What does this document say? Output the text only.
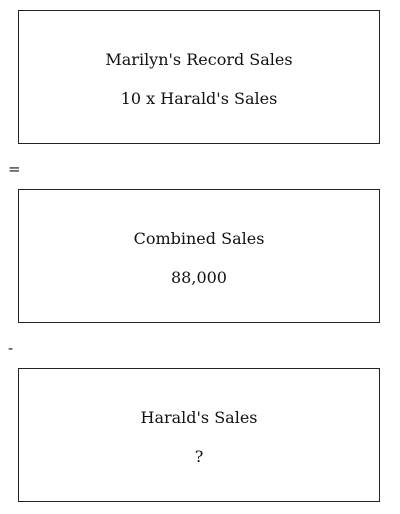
Marilyn's Record Sales
10 x Harald's Sales
=
Combined Sales
88,000
-
Harald's Sales
?
